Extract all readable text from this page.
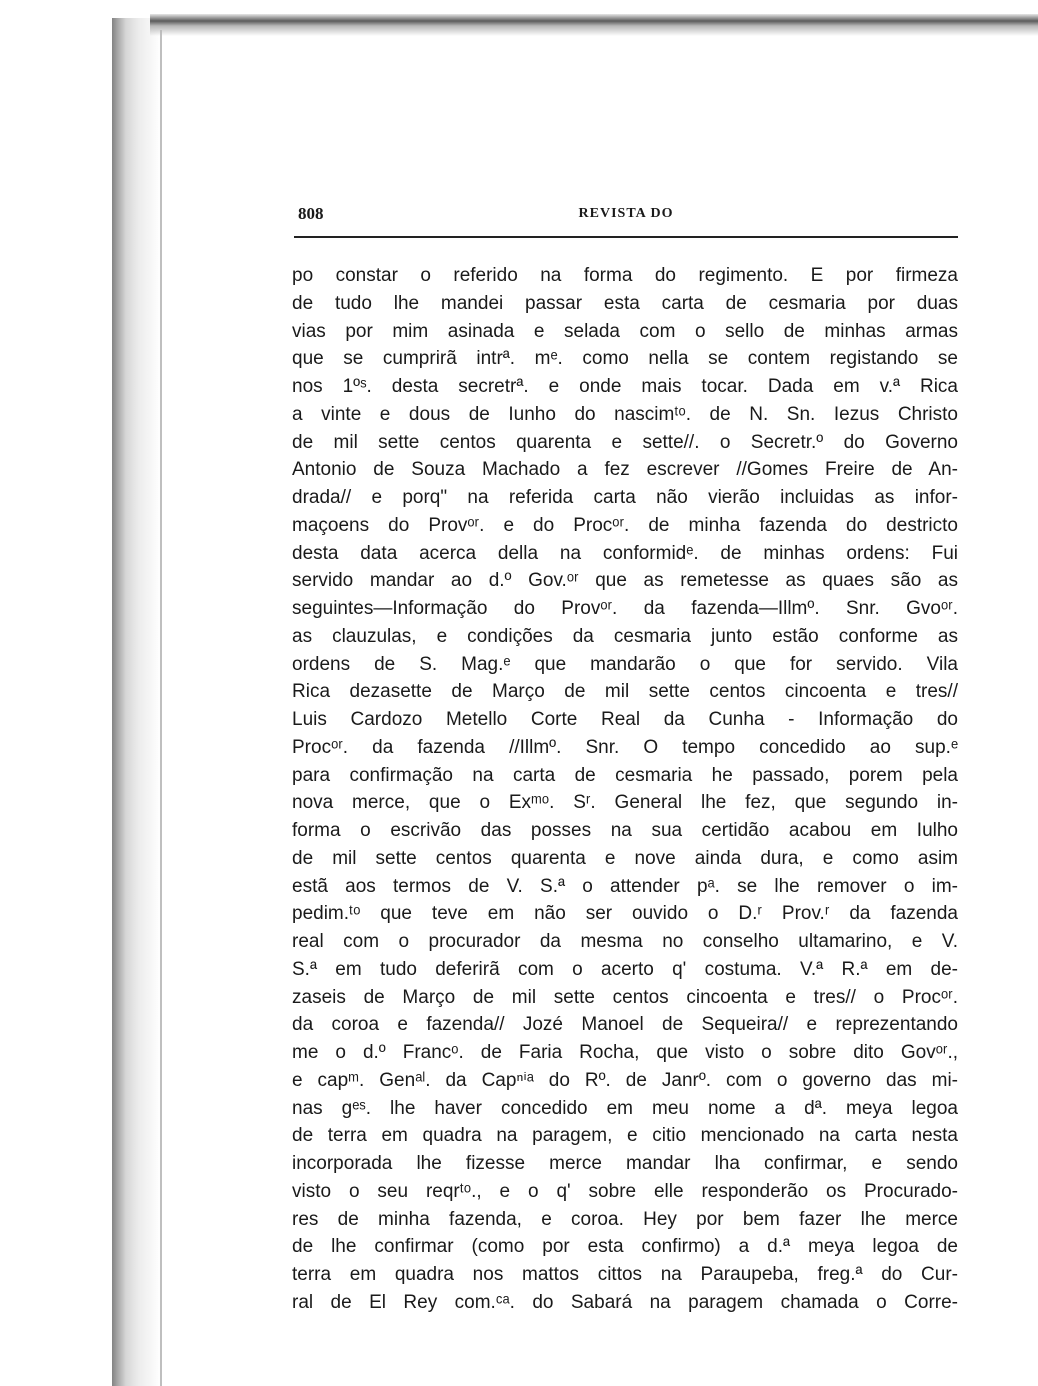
808	REVISTA DO
po constar o referido na forma do regimento. E por firmeza
de tudo lhe mandei passar esta carta de cesmaria por duas
vias por mim asinada e selada com o sello de minhas armas
que se cumprirã intrª. mᵉ. como nella se contem registando se
nos 1ºˢ. desta secretrª. e onde mais tocar. Dada em v.ª Rica
a vinte e dous de Iunho do nascimᵗᵒ. de N. Sn. Iezus Christo
de mil sette centos quarenta e sette//. o Secretr.º do Governo
Antonio de Souza Machado a fez escrever //Gomes Freire de An-
drada// e porq" na referida carta não vierão incluidas as infor-
maçoens do Provᵒʳ. e do Procᵒʳ. de minha fazenda do destricto
desta data acerca della na conformidᵉ. de minhas ordens: Fui
servido mandar ao d.º Gov.ᵒʳ que as remetesse as quaes são as
seguintes—Informação do Provᵒʳ. da fazenda—Illmº. Snr. Gvoᵒʳ.
as clauzulas, e condições da cesmaria junto estão conforme as
ordens de S. Mag.ᵉ que mandarão o que for servido. Vila
Rica dezasette de Março de mil sette centos cincoenta e tres//
Luis Cardozo Metello Corte Real da Cunha - Informação do
Procᵒʳ. da fazenda //Illmº. Snr. O tempo concedido ao sup.ᵉ
para confirmação na carta de cesmaria he passado, porem pela
nova merce, que o Exᵐᵒ. Sʳ. General lhe fez, que segundo in-
forma o escrivão das posses na sua certidão acabou em Iulho
de mil sette centos quarenta e nove ainda dura, e como asim
estã aos termos de V. S.ª o attender pᵃ. se lhe remover o im-
pedim.ᵗᵒ que teve em não ser ouvido o D.ʳ Prov.ʳ da fazenda
real com o procurador da mesma no conselho ultamarino, e V.
S.ª em tudo deferirã com o acerto q' costuma. V.ª R.ª em de-
zaseis de Março de mil sette centos cincoenta e tres// o Procᵒʳ.
da coroa e fazenda// Jozé Manoel de Sequeira// e reprezentando
me o d.º Francᵒ. de Faria Rocha, que visto o sobre dito Govᵒʳ.,
e capᵐ. Genᵃˡ. da Capⁿⁱᵃ do Rº. de Janrº. com o governo das mi-
nas gᵉˢ. lhe haver concedido em meu nome a dª. meya legoa
de terra em quadra na paragem, e citio mencionado na carta nesta
incorporada lhe fizesse merce mandar lha confirmar, e sendo
visto o seu reqrᵗᵒ., e o q' sobre elle responderão os Procurado-
res de minha fazenda, e coroa. Hey por bem fazer lhe merce
de lhe confirmar (como por esta confirmo) a d.ª meya legoa de
terra em quadra nos mattos cittos na Paraupeba, freg.ª do Cur-
ral de El Rey com.ᶜᵃ. do Sabará na paragem chamada o Corre-
